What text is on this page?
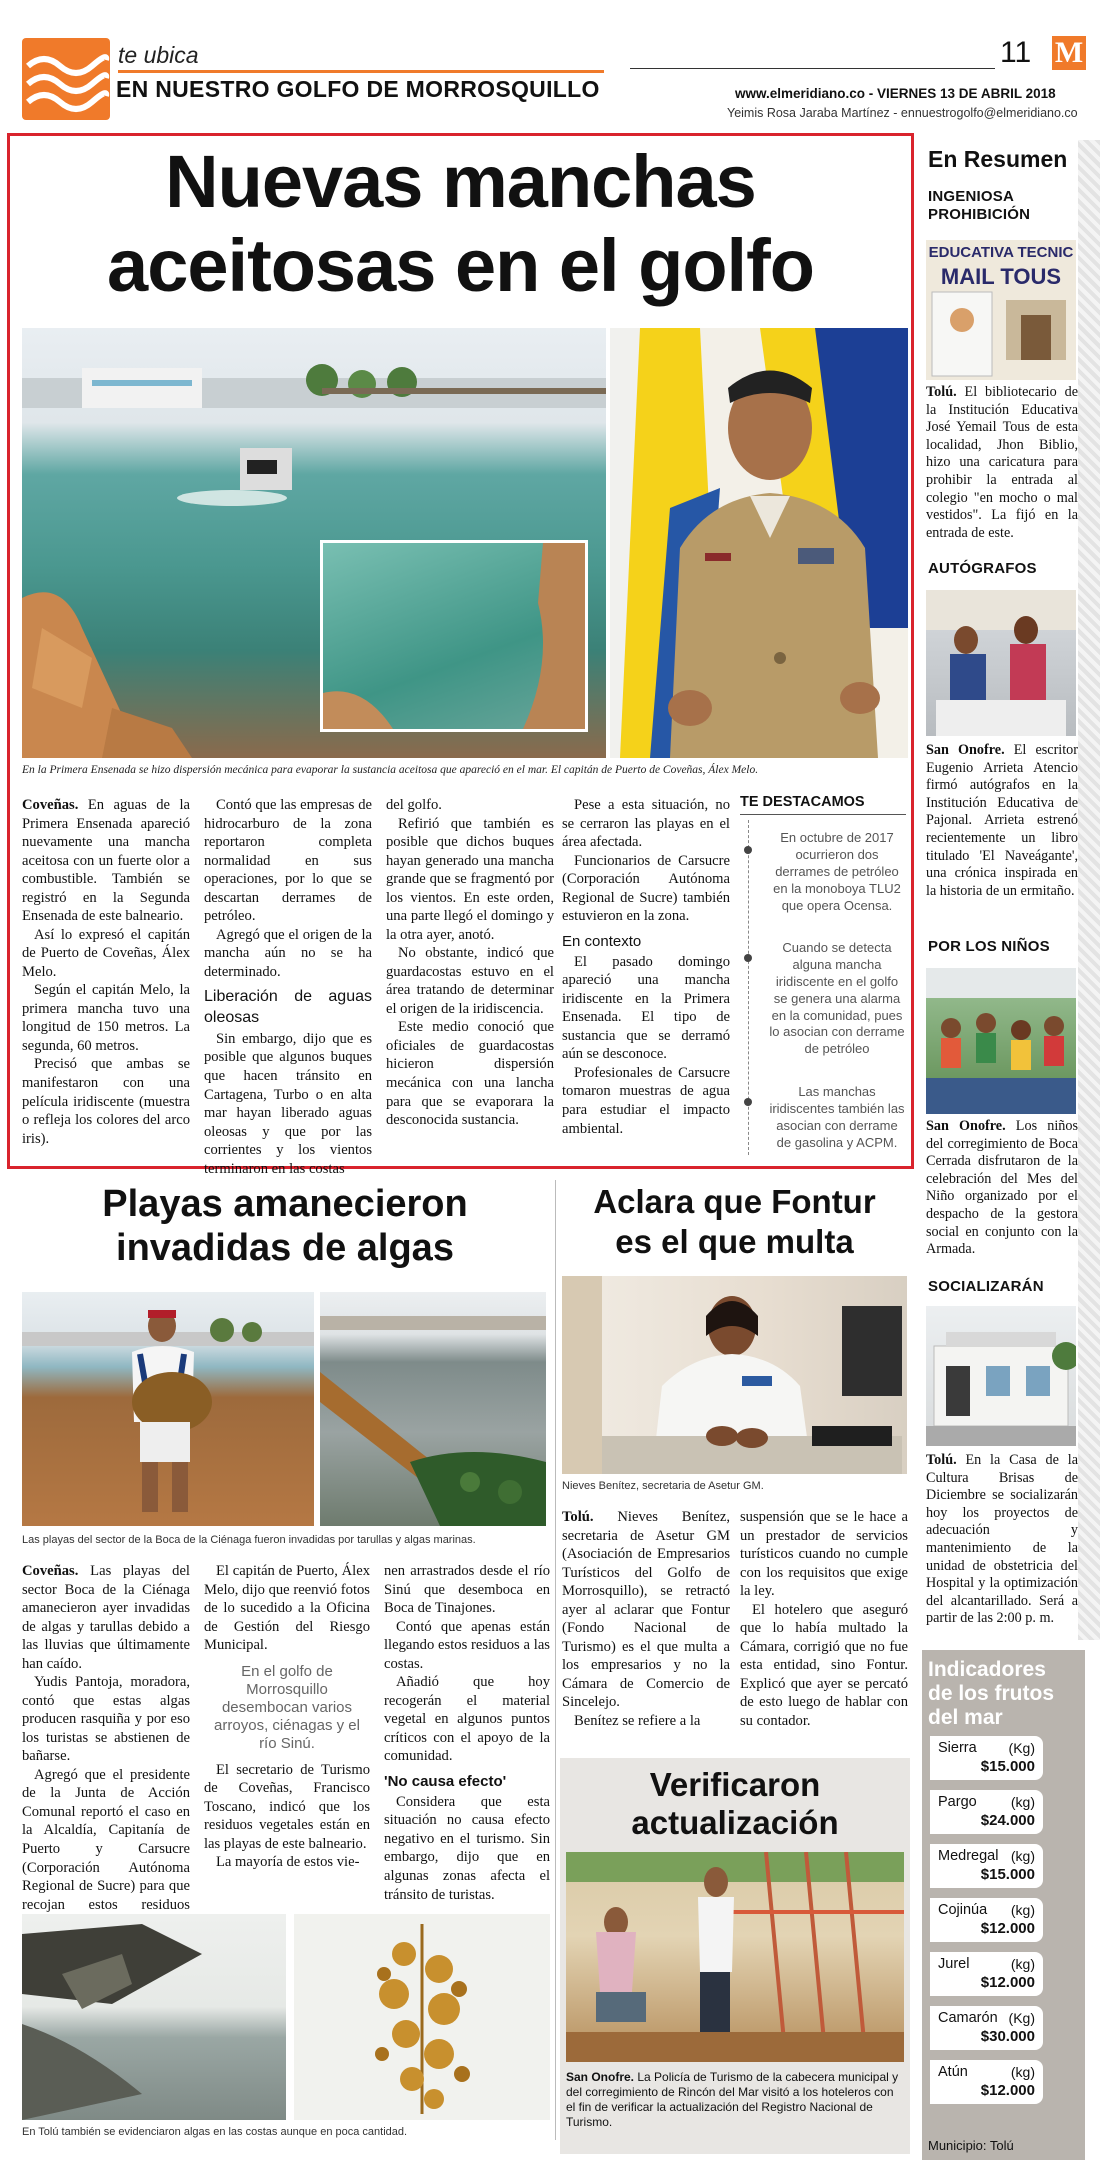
te ubica
EN NUESTRO GOLFO DE MORROSQUILLO
11 M
www.elmeridiano.co - VIERNES 13 DE ABRIL 2018
Yeimis Rosa Jaraba Martínez - ennuestrogolfo@elmeridiano.co
Nuevas manchas
aceitosas en el golfo
En la Primera Ensenada se hizo dispersión mecánica para evaporar la sustancia aceitosa que apareció en el mar. El capitán de Puerto de Coveñas, Álex Melo.

Coveñas. En aguas de la Primera Ensenada apareció nuevamente una mancha aceitosa con un fuerte olor a combustible. También se registró en la Segunda Ensenada de este balneario.

Así lo expresó el capitán de Puerto de Coveñas, Álex Melo.

Según el capitán Melo, la primera mancha tuvo una longitud de 150 metros. La segunda, 60 metros.

Precisó que ambas se manifestaron con una película iridiscente (muestra o refleja los colores del arco iris).

Contó que las empresas de hidrocarburo de la zona reportaron completa normalidad en sus operaciones, por lo que se descartan derrames de petróleo.

Agregó que el origen de la mancha aún no se ha determinado.

Liberación de aguas oleosas

Sin embargo, dijo que es posible que algunos buques que hacen tránsito en Cartagena, Turbo o en alta mar hayan liberado aguas oleosas y que por las corrientes y los vientos terminaron en las costas

del golfo.

Refirió que también es posible que dichos buques hayan generado una mancha grande que se fragmentó por los vientos. En este orden, una parte llegó el domingo y la otra ayer, anotó.

No obstante, indicó que guardacostas estuvo en el área tratando de determinar el origen de la iridiscencia.

Este medio conoció que oficiales de guardacostas hicieron dispersión mecánica con una lancha para que se evaporara la desconocida sustancia.

Pese a esta situación, no se cerraron las playas en el área afectada.

Funcionarios de Carsucre (Corporación Autónoma Regional de Sucre) también estuvieron en la zona.

En contexto

El pasado domingo apareció una mancha iridiscente en la Primera Ensenada. El tipo de sustancia que se derramó aún se desconoce.

Profesionales de Carsucre tomaron muestras de agua para estudiar el impacto ambiental.

TE DESTACAMOS
En octubre de 2017 ocurrieron dos derrames de petróleo en la monoboya TLU2 que opera Ocensa.
Cuando se detecta alguna mancha iridiscente en el golfo se genera una alarma en la comunidad, pues lo asocian con derrame de petróleo
Las manchas iridiscentes también las asocian con derrame de gasolina y ACPM.
Playas amanecieron
invadidas de algas
Las playas del sector de la Boca de la Ciénaga fueron invadidas por tarullas y algas marinas.

Coveñas. Las playas del sector Boca de la Ciénaga amanecieron ayer invadidas de algas y tarullas debido a las lluvias que últimamente han caído.

Yudis Pantoja, moradora, contó que estas algas producen rasquiña y por eso los turistas se abstienen de bañarse.

Agregó que el presidente de la Junta de Acción Comunal reportó el caso en la Alcaldía, Capitanía de Puerto y Carsucre (Corporación Autónoma Regional de Sucre) para que recojan estos residuos

El capitán de Puerto, Álex Melo, dijo que reenvió fotos de lo sucedido a la Oficina de Gestión del Riesgo Municipal.

En el golfo de Morrosquillo desembocan varios arroyos, ciénagas y el río Sinú.

El secretario de Turismo de Coveñas, Francisco Toscano, indicó que los residuos vegetales están en las playas de este balneario.

La mayoría de estos vie-

nen arrastrados desde el río Sinú que desemboca en Boca de Tinajones.

Contó que apenas están llegando estos residuos a las costas.

Añadió que hoy recogerán el material vegetal en algunos puntos críticos con el apoyo de la comunidad.

'No causa efecto'

Considera que esta situación no causa efecto negativo en el turismo. Sin embargo, dijo que en algunas zonas afecta el tránsito de turistas.

En Tolú también se evidenciaron algas en las costas aunque en poca cantidad.
Aclara que Fontur
es el que multa
Nieves Benítez, secretaria de Asetur GM.

Tolú. Nieves Benítez, secretaria de Asetur GM (Asociación de Empresarios Turísticos del Golfo de Morrosquillo), se retractó ayer al aclarar que Fontur (Fondo Nacional de Turismo) es el que multa a los empresarios y no la Cámara de Comercio de Sincelejo.

Benítez se refiere a la

suspensión que se le hace a un prestador de servicios turísticos cuando no cumple con los requisitos que exige la ley.

El hotelero que aseguró que lo había multado la Cámara, corrigió que no fue esta entidad, sino Fontur. Explicó que ayer se percató de esto luego de hablar con su contador.

Verificaron
actualización
San Onofre. La Policía de Turismo de la cabecera municipal y del corregimiento de Rincón del Mar visitó a los hoteleros con el fin de verificar la actualización del Registro Nacional de Turismo.
En Resumen
INGENIOSA
PROHIBICIÓN
EDUCATIVA TECNIC
MAIL TOUS
Tolú. El bibliotecario de la Institución Educativa José Yemail Tous de esta localidad, Jhon Biblio, hizo una caricatura para prohibir la entrada al colegio "en mocho o mal vestidos". La fijó en la entrada de este.
AUTÓGRAFOS
San Onofre. El escritor Eugenio Arrieta Atencio firmó autógrafos en la Institución Educativa de Pajonal. Arrieta estrenó recientemente un libro titulado 'El Naveágante', una crónica inspirada en la historia de un ermitaño.
POR LOS NIÑOS
San Onofre. Los niños del corregimiento de Boca Cerrada disfrutaron de la celebración del Mes del Niño organizado por el despacho de la gestora social en conjunto con la Armada.
SOCIALIZARÁN
Tolú. En la Casa de la Cultura Brisas de Diciembre se socializarán hoy los proyectos de adecuación y mantenimiento de la unidad de obstetricia del Hospital y la optimización del alcantarillado. Será a partir de las 2:00 p. m.
Indicadores
de los frutos
del mar
Sierra (Kg)
$15.000
Pargo (kg)
$24.000
Medregal (kg)
$15.000
Cojinúa (kg)
$12.000
Jurel	(kg)
$12.000
Camarón (Kg)
$30.000
Atún	(kg)
$12.000
Municipio: Tolú
